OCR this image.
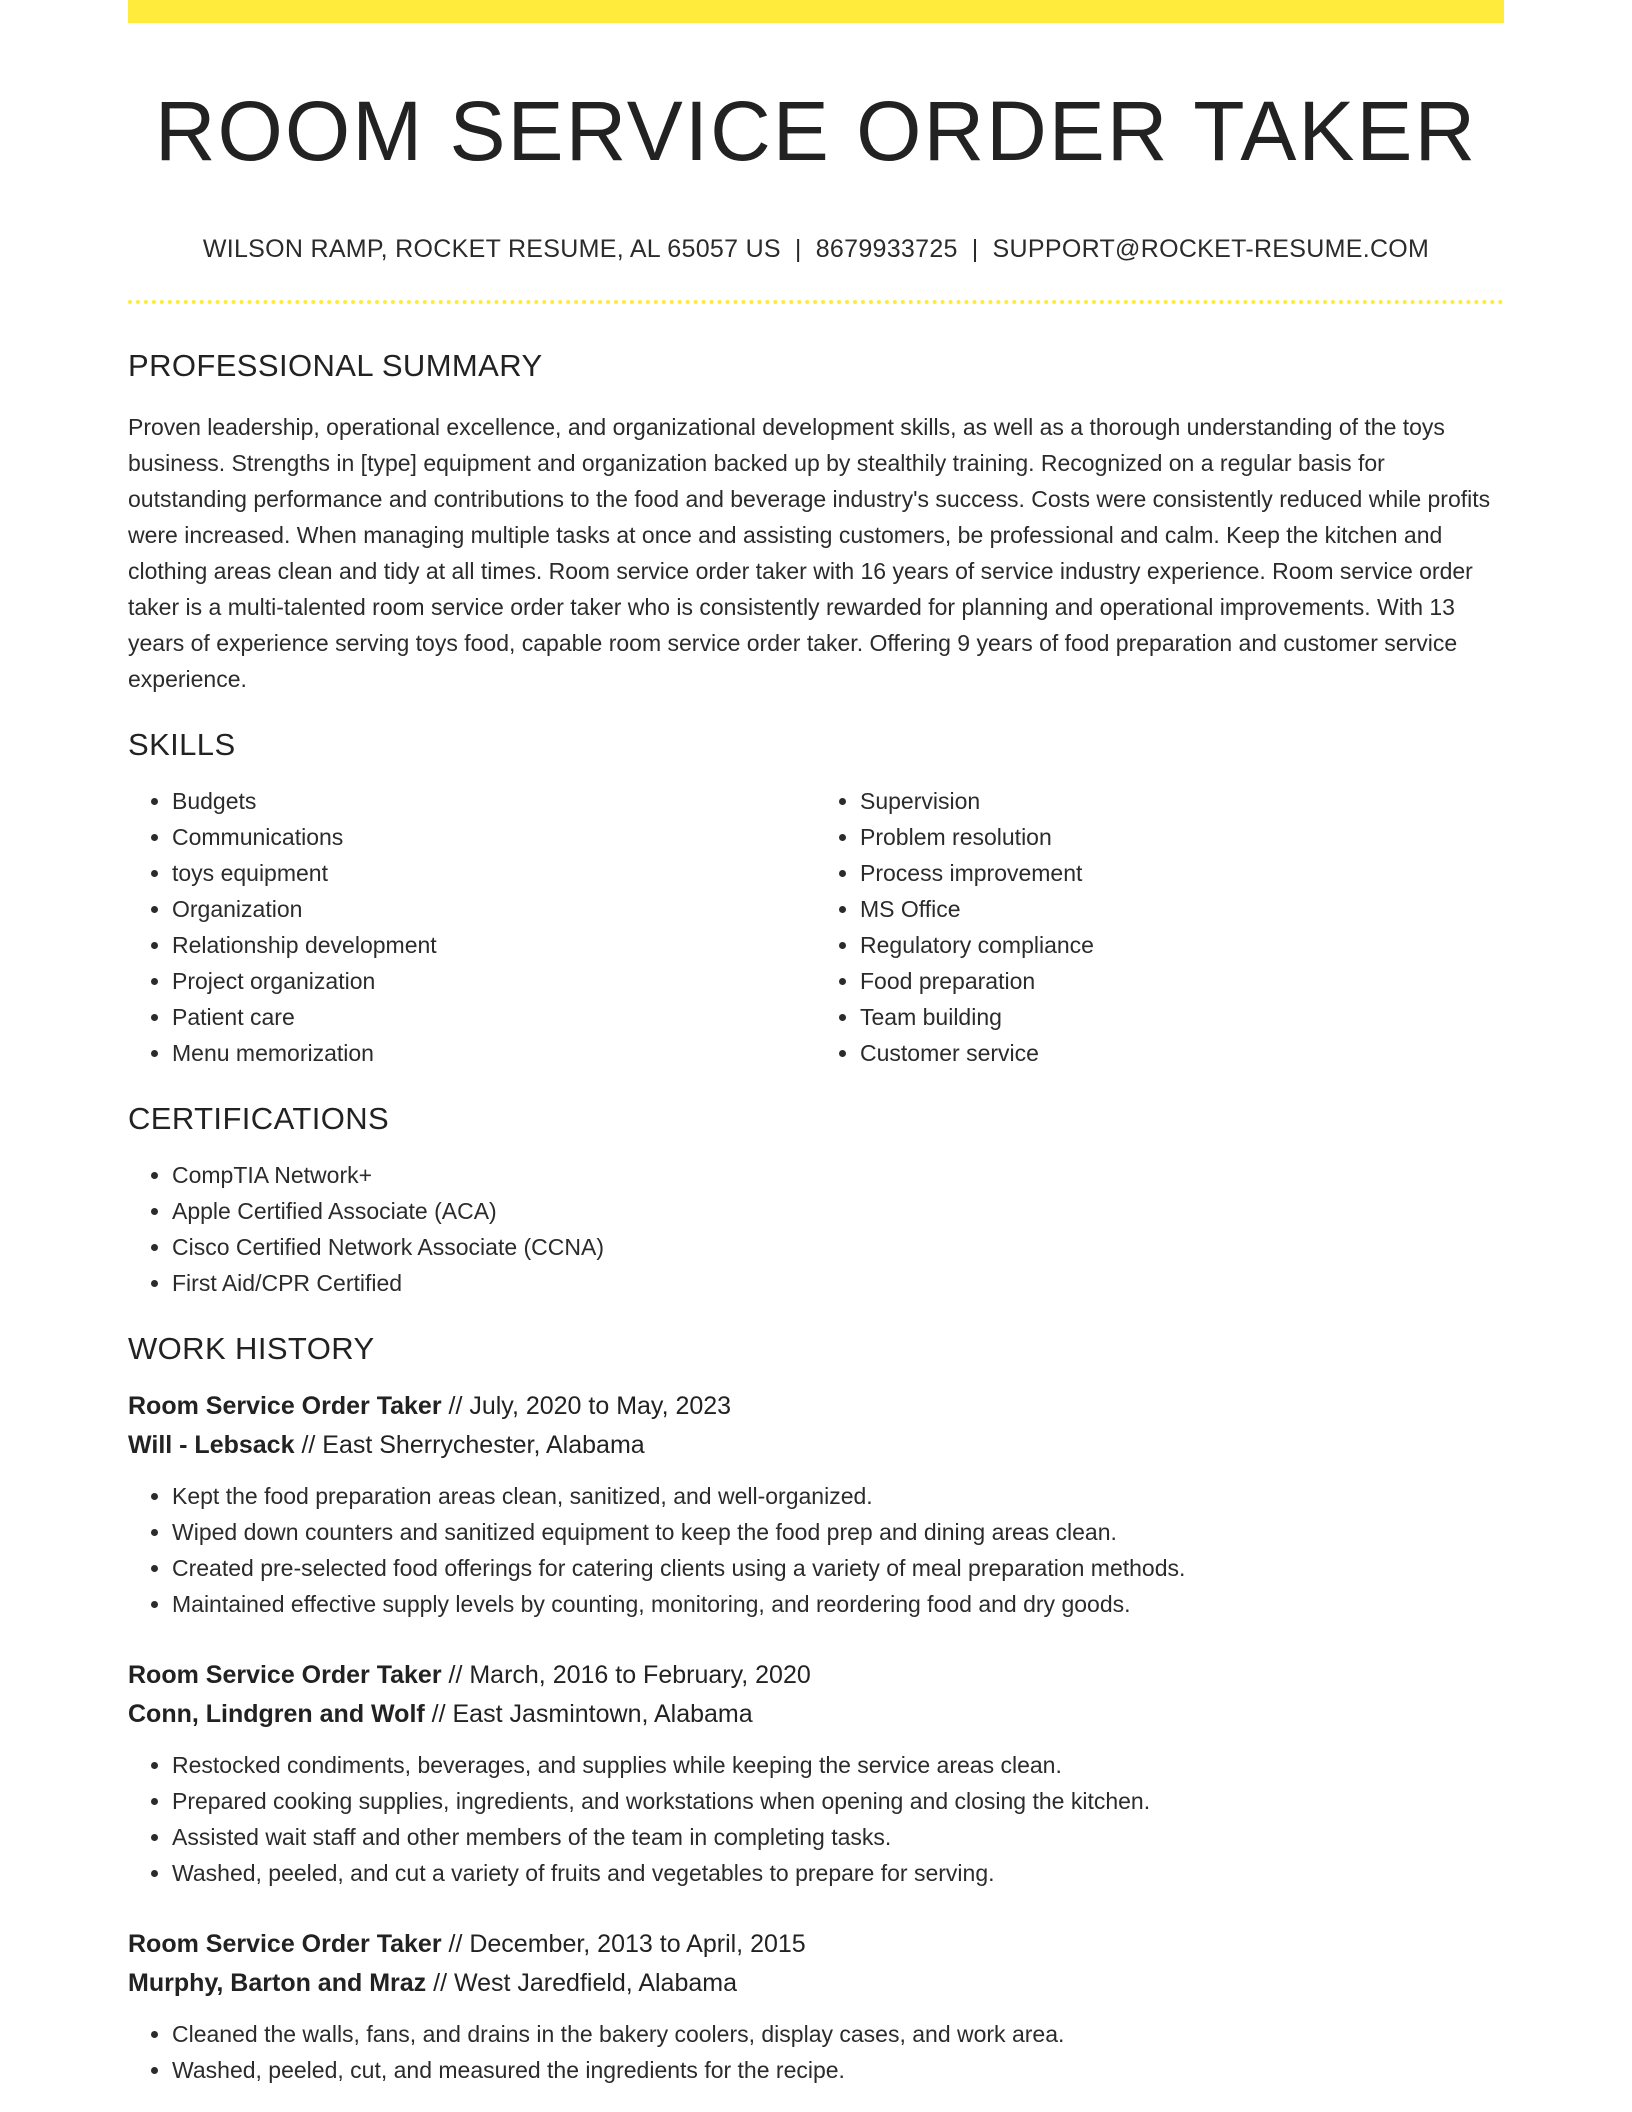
ROOM SERVICE ORDER TAKER
WILSON RAMP, ROCKET RESUME, AL 65057 US | 8679933725 | SUPPORT@ROCKET-RESUME.COM
PROFESSIONAL SUMMARY

Proven leadership, operational excellence, and organizational development skills, as well as a thorough understanding of the toys business. Strengths in [type] equipment and organization backed up by stealthily training. Recognized on a regular basis for outstanding performance and contributions to the food and beverage industry's success. Costs were consistently reduced while profits were increased. When managing multiple tasks at once and assisting customers, be professional and calm. Keep the kitchen and clothing areas clean and tidy at all times. Room service order taker with 16 years of service industry experience. Room service order taker is a multi-talented room service order taker who is consistently rewarded for planning and operational improvements. With 13 years of experience serving toys food, capable room service order taker. Offering 9 years of food preparation and customer service experience.

SKILLS
• Budgets
• Communications
• toys equipment
• Organization
• Relationship development
• Project organization
• Patient care
• Menu memorization
• Supervision
• Problem resolution
• Process improvement
• MS Office
• Regulatory compliance
• Food preparation
• Team building
• Customer service
CERTIFICATIONS
• CompTIA Network+
• Apple Certified Associate (ACA)
• Cisco Certified Network Associate (CCNA)
• First Aid/CPR Certified
WORK HISTORY
Room Service Order Taker // July, 2020 to May, 2023
Will - Lebsack // East Sherrychester, Alabama
• Kept the food preparation areas clean, sanitized, and well-organized.
• Wiped down counters and sanitized equipment to keep the food prep and dining areas clean.
• Created pre-selected food offerings for catering clients using a variety of meal preparation methods.
• Maintained effective supply levels by counting, monitoring, and reordering food and dry goods.
Room Service Order Taker // March, 2016 to February, 2020
Conn, Lindgren and Wolf // East Jasmintown, Alabama
• Restocked condiments, beverages, and supplies while keeping the service areas clean.
• Prepared cooking supplies, ingredients, and workstations when opening and closing the kitchen.
• Assisted wait staff and other members of the team in completing tasks.
• Washed, peeled, and cut a variety of fruits and vegetables to prepare for serving.
Room Service Order Taker // December, 2013 to April, 2015
Murphy, Barton and Mraz // West Jaredfield, Alabama
• Cleaned the walls, fans, and drains in the bakery coolers, display cases, and work area.
• Washed, peeled, cut, and measured the ingredients for the recipe.
